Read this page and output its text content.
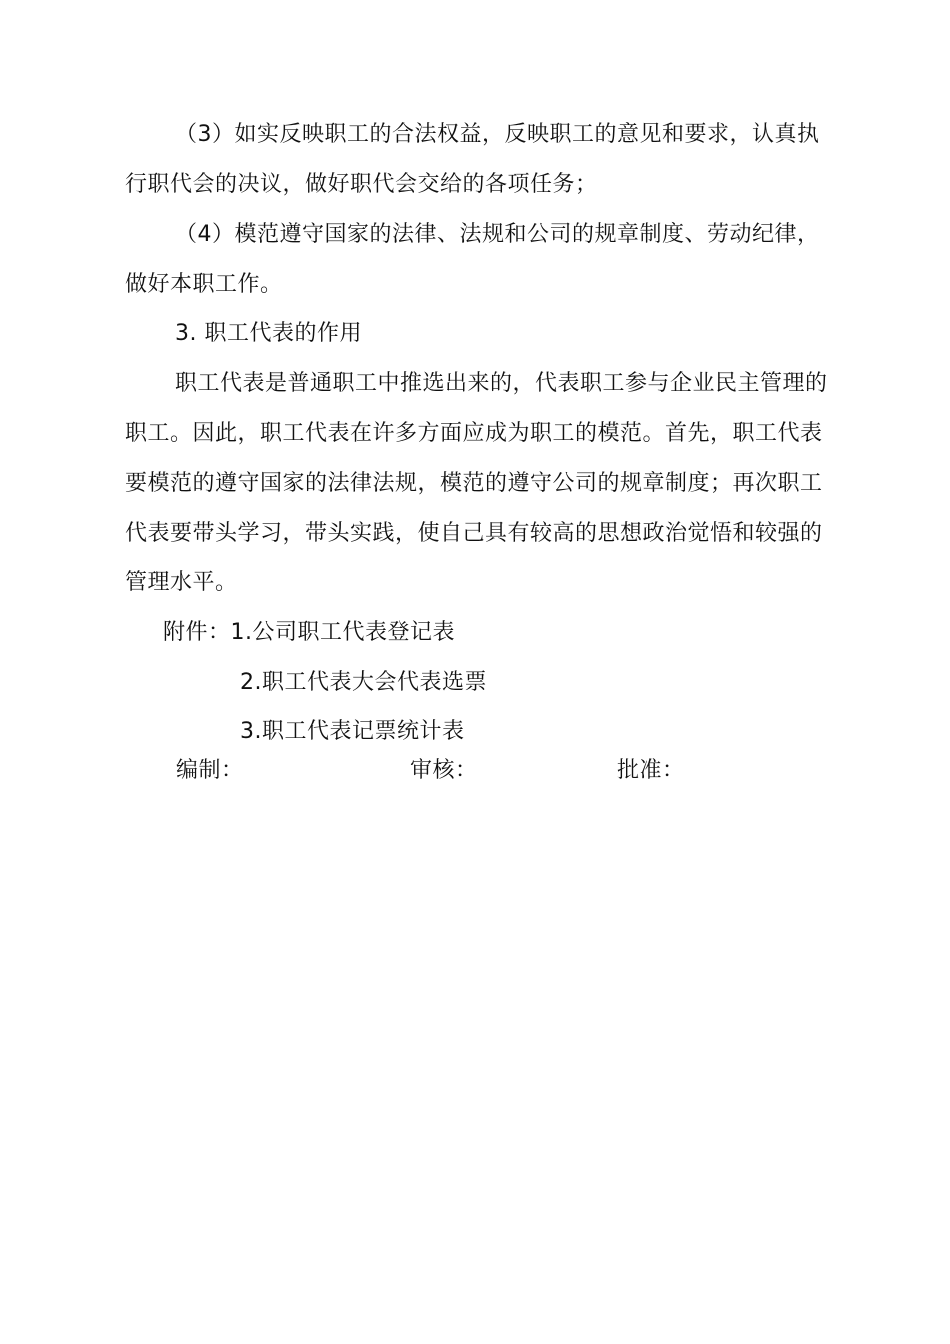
（3）如实反映职工的合法权益，反映职工的意见和要求，认真执
行职代会的决议，做好职代会交给的各项任务；
（4）模范遵守国家的法律、法规和公司的规章制度、劳动纪律，
做好本职工作。
3. 职工代表的作用
职工代表是普通职工中推选出来的，代表职工参与企业民主管理的
职工。因此，职工代表在许多方面应成为职工的模范。首先，职工代表
要模范的遵守国家的法律法规，模范的遵守公司的规章制度；再次职工
代表要带头学习，带头实践，使自己具有较高的思想政治觉悟和较强的
管理水平。
附件：1.公司职工代表登记表
2.职工代表大会代表选票
3.职工代表记票统计表
编制：	审核：	批准：
